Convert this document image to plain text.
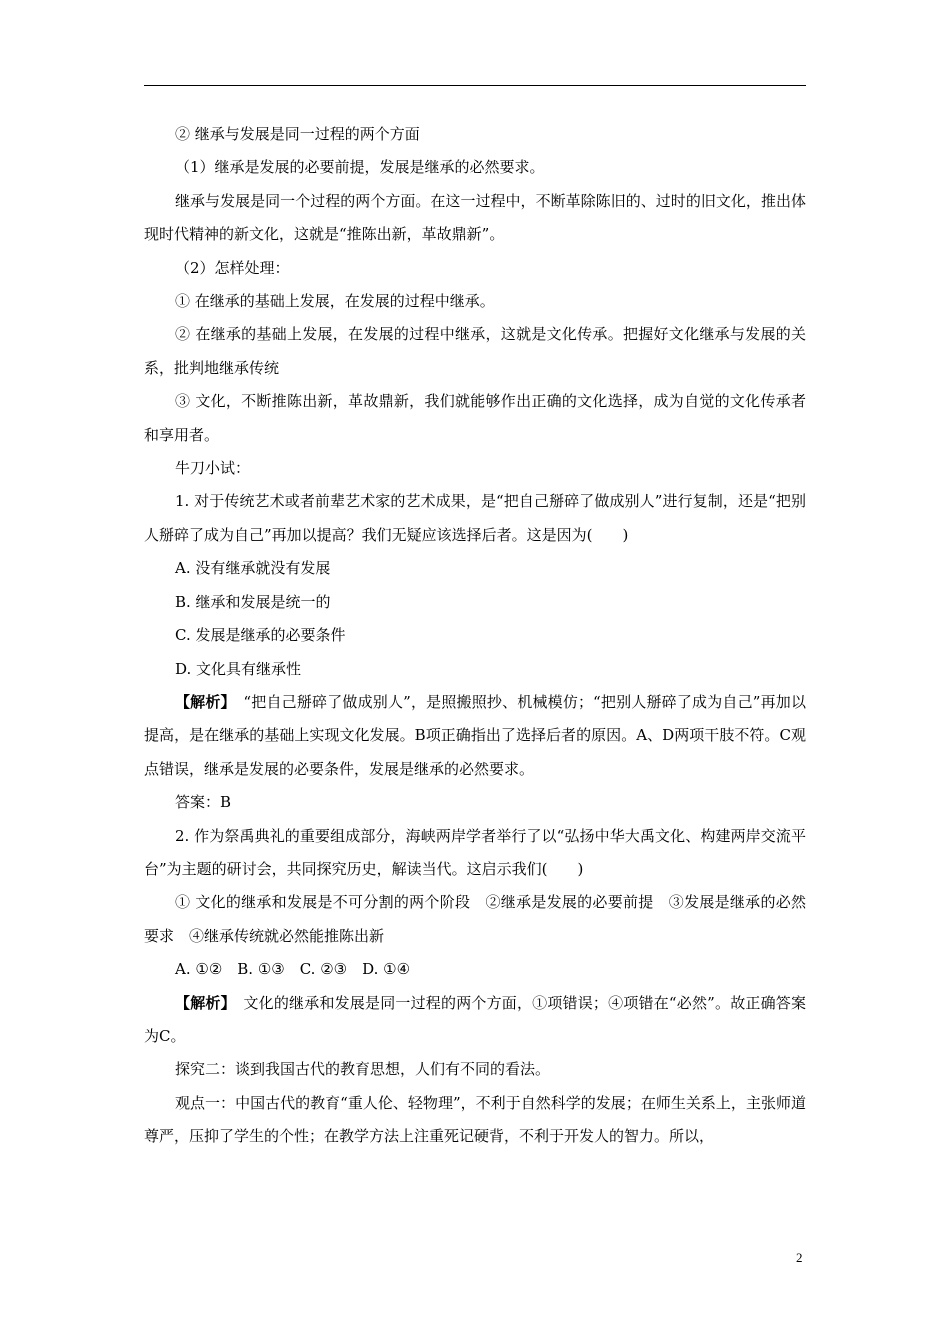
② 继承与发展是同一过程的两个方面

（1）继承是发展的必要前提，发展是继承的必然要求。

继承与发展是同一个过程的两个方面。在这一过程中，不断革除陈旧的、过时的旧文化，推出体现时代精神的新文化，这就是“推陈出新，革故鼎新”。

（2）怎样处理：

① 在继承的基础上发展，在发展的过程中继承。

② 在继承的基础上发展，在发展的过程中继承，这就是文化传承。把握好文化继承与发展的关系，批判地继承传统

③ 文化，不断推陈出新，革故鼎新，我们就能够作出正确的文化选择，成为自觉的文化传承者和享用者。

牛刀小试：

1. 对于传统艺术或者前辈艺术家的艺术成果，是“把自己掰碎了做成别人”进行复制，还是“把别人掰碎了成为自己”再加以提高？我们无疑应该选择后者。这是因为(　　)

A. 没有继承就没有发展

B. 继承和发展是统一的

C. 发展是继承的必要条件

D. 文化具有继承性

【解析】　“把自己掰碎了做成别人”，是照搬照抄、机械模仿；“把别人掰碎了成为自己”再加以提高，是在继承的基础上实现文化发展。B项正确指出了选择后者的原因。A、D两项干肢不符。C观点错误，继承是发展的必要条件，发展是继承的必然要求。

答案：B

2. 作为祭禹典礼的重要组成部分，海峡两岸学者举行了以“弘扬中华大禹文化、构建两岸交流平台”为主题的研讨会，共同探究历史，解读当代。这启示我们(　　)

① 文化的继承和发展是不可分割的两个阶段　②继承是发展的必要前提　③发展是继承的必然要求　④继承传统就必然能推陈出新

A. ①②　B. ①③　C. ②③　D. ①④

【解析】　文化的继承和发展是同一过程的两个方面，①项错误；④项错在“必然”。故正确答案为C。

探究二：谈到我国古代的教育思想，人们有不同的看法。

观点一：中国古代的教育“重人伦、轻物理”，不利于自然科学的发展；在师生关系上，主张师道尊严，压抑了学生的个性；在教学方法上注重死记硬背，不利于开发人的智力。所以，

2
